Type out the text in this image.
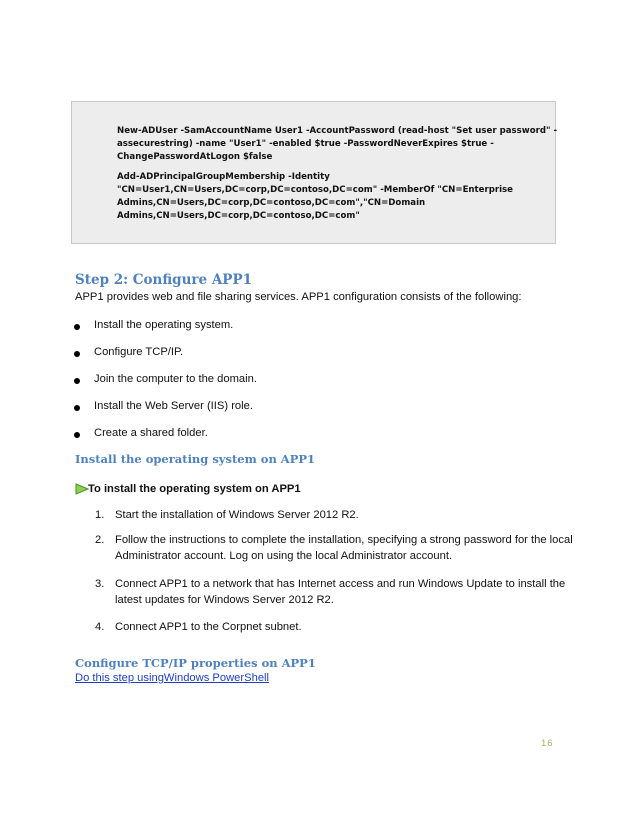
New-ADUser -SamAccountName User1 -AccountPassword (read-host "Set user password" -
assecurestring) -name "User1" -enabled $true -PasswordNeverExpires $true -
ChangePasswordAtLogon $false
Add-ADPrincipalGroupMembership -Identity
"CN=User1,CN=Users,DC=corp,DC=contoso,DC=com" -MemberOf "CN=Enterprise
Admins,CN=Users,DC=corp,DC=contoso,DC=com","CN=Domain
Admins,CN=Users,DC=corp,DC=contoso,DC=com"
Step 2: Configure APP1
APP1 provides web and file sharing services. APP1 configuration consists of the following:
Install the operating system.
Configure TCP/IP.
Join the computer to the domain.
Install the Web Server (IIS) role.
Create a shared folder.
Install the operating system on APP1
To install the operating system on APP1
1. Start the installation of Windows Server 2012 R2.
2. Follow the instructions to complete the installation, specifying a strong password for the local
Administrator account. Log on using the local Administrator account.
3. Connect APP1 to a network that has Internet access and run Windows Update to install the
latest updates for Windows Server 2012 R2.
4. Connect APP1 to the Corpnet subnet.
Configure TCP/IP properties on APP1
Do this step usingWindows PowerShell
16
